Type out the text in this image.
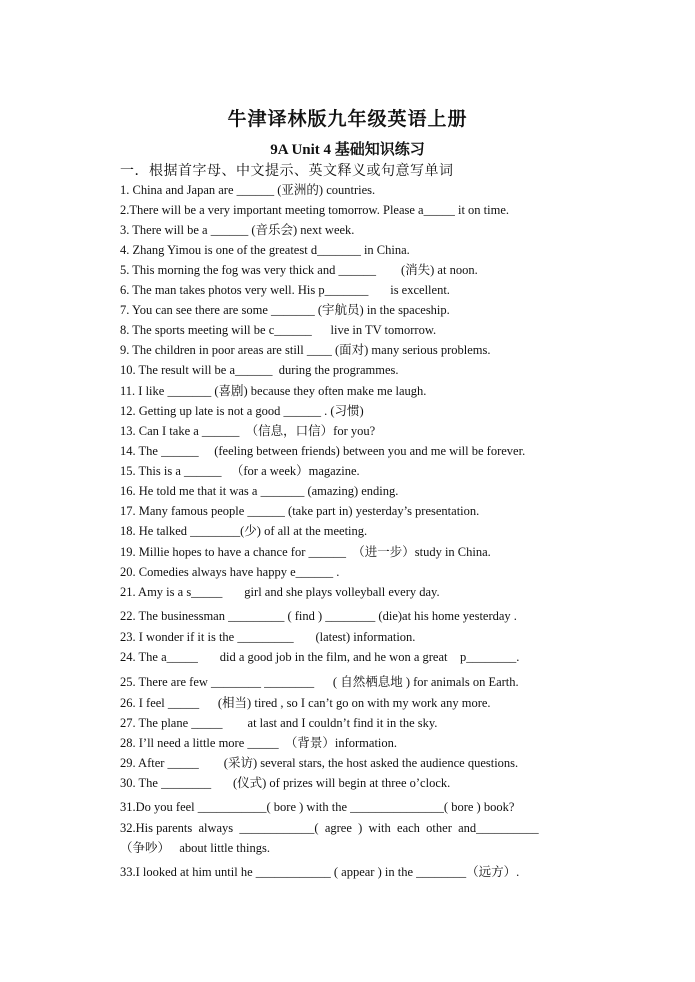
牛津译林版九年级英语上册
9A Unit 4 基础知识练习
一．根据首字母、中文提示、英文释义或句意写单词
1. China and Japan are ______ (亚洲的) countries.
2.There will be a very important meeting tomorrow. Please a_____ it on time.
3. There will be a ______ (音乐会) next week.
4. Zhang Yimou is one of the greatest d_______ in China.
5. This morning the fog was very thick and ______        (消失) at noon.
6. The man takes photos very well. His p_______       is excellent.
7. You can see there are some _______ (宇航员) in the spaceship.
8. The sports meeting will be c______      live in TV tomorrow.
9. The children in poor areas are still ____ (面对) many serious problems.
10. The result will be a______  during the programmes.
11. I like _______ (喜剧) because they often make me laugh.
12. Getting up late is not a good ______ . (习惯)
13. Can I take a ______  （信息，口信）for you?
14. The ______     (feeling between friends) between you and me will be forever.
15. This is a ______   （for a week）magazine.
16. He told me that it was a _______ (amazing) ending.
17. Many famous people ______ (take part in) yesterday’s presentation.
18. He talked ________(少) of all at the meeting.
19. Millie hopes to have a chance for ______  （进一步）study in China.
20. Comedies always have happy e______ .
21. Amy is a s_____       girl and she plays volleyball every day.
22. The businessman _________ ( find ) ________ (die)at his home yesterday .
23. I wonder if it is the _________       (latest) information.
24. The a_____       did a good job in the film, and he won a great    p________.
25. There are few ________ ________      ( 自然栖息地 ) for animals on Earth.
26. I feel _____      (相当) tired , so I can’t go on with my work any more.
27. The plane _____        at last and I couldn’t find it in the sky.
28. I’ll need a little more _____  （背景）information.
29. After _____        (采访) several stars, the host asked the audience questions.
30. The ________       (仪式) of prizes will begin at three o’clock.
31.Do you feel ___________( bore ) with the _______________( bore ) book?
32.His parents  always  ____________(  agree  )  with  each  other  and__________
（争吵）   about little things.
33.I looked at him until he ____________ ( appear ) in the ________（远方）.
